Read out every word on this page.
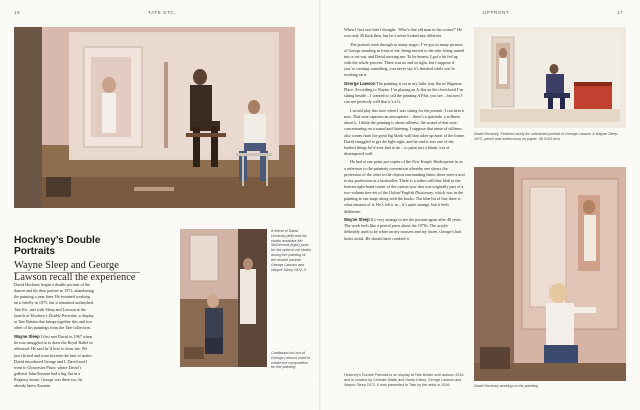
16	TATE ETC.	UPFRONT	17
Hockney’s Double Portraits
Wayne Sleep and George Lawson recall the experience
A friend of David Hockney (left) and his studio assistant Mo McDermott (right) pose for the artist in his studio during the painting of the double portrait George Lawson and Wayne Sleep 1972–5
Cardboard cut-out of George Lawson used to create the composition for the painting

David Hockney began a double portrait of the dancer and his then partner in 1972, abandoning the painting a year later. He resumed working on it briefly in 1975, but it remained unfinished. Tate Etc. met with Sleep and Lawson at the launch of Hockney’s Double Portraits, a display at Tate Britain that brings together this and two other of his paintings from the Tate collection.

Wayne Sleep I first met David in 1967 when he was smuggled in to draw the Royal Ballet in rehearsal. He said he’d love to draw me. We just clicked and soon became the best of mates. David introduced George and I. David and I went to Gloucester Place, where David’s gallerist John Kasmin had a big flat in a Regency house. George was there too, he already knew Kasmin.

When I first saw him I thought: ‘Who’s that old man in the corner?’ He was only 26 back then, but he’s never looked any different.

The portrait went through so many stages. I’ve got so many pictures of George standing in front of me, being moved to the side, being turned into a cut-out, and David moving me. To be honest, I got a bit fed up with the whole process. There was no end in sight, but I suppose if you’re creating something, you never say it’s finished while you’re working on it.

George Lawson The painting is set in my little, tiny flat in Wigmore Place. According to Wayne, I’m playing an A-flat on the clavichord I’m sitting beside – I wanted to call the painting A Flat, you see – but now I can see perfectly well that it’s a G.

I would play this note when I was sitting for the portrait. I can hear it now. That note captures an atmosphere – there’s a quietude, a stillness about it. I think the painting is about stillness, the sound of that note, concentrating on a sound and listening. I suppose that sense of stillness also comes from the great big blank wall that takes up most of the frame. David struggled to get the light right, and he said it was one of the hardest things he’d ever had to do – to paint just a blank, wet of distempered wall.

He had at one point put copies of the New Temple Shakespeare in as a reference to the painterly convention whereby one shows the profession of the sitter in the objects surrounding them; these were a nod to my profession as a bookseller. There is a rather odd blue blob in the bottom right-hand corner of the canvas now that was originally part of a two-volume box-set of the Oxford English Dictionary, which was in the painting at one stage along with the books. The blue bit of line there is what remains of it. He’s left it in – it’s quite strange, but it feels deliberate.

Wayne Sleep It’s very strange to see the portrait again after 40 years. The work feels like a period piece about the 1970s. The acrylic definitely used to be white on my trousers and my shoes. George’s hair looks awful. He should have combed it.

David Hockney, Finished study for unfinished portrait of George Lawson & Wayne Sleep 1972, pencil and watercolour on paper, 38.0×53.4cm
David Hockney working on the painting
Hockney’s Double Portraits is on display at Tate Britain until autumn 2016 and is curated by Chrissie Wallis and Sarah Dilsey. George Lawson and Wayne Sleep 1972–5 was presented to Tate by the artist in 2016.
